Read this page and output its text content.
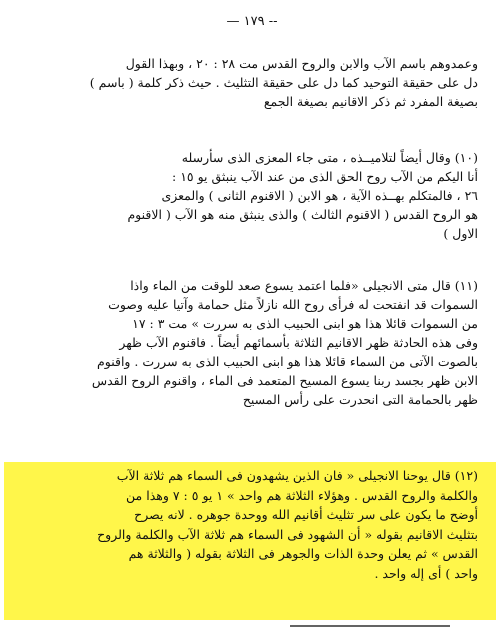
— ١٧٩ --

وعمدوهم باسم الآب والابن والروح القدس مت ٢٨ : ٢٠ ، وبهذا القول

دل على حقيقة التوحيد كما دل على حقيقة التثليث . حيث ذكر كلمة ( باسم )

بصيغة المفرد ثم ذكر الاقانيم بصيغة الجمع

(١٠) وقال أيضاً لتلاميــذه ، متى جاء المعزى الذى سأرسله

أنا اليكم من الآب روح الحق الذى من عند الآب ينبثق يو ١٥ :

٢٦ ، فالمتكلم بهــذه الآية ، هو الابن ( الاقنوم الثانى ) والمعزى

هو الروح القدس ( الاقنوم الثالث ) والذى ينبثق منه هو الآب ( الاقنوم

الاول )

(١١) قال متى الانجيلى «فلما اعتمد يسوع صعد للوقت من الماء واذا

السموات قد انفتحت له فرأى روح الله نازلاً مثل حمامة وآتيا عليه وصوت

من السموات قائلا هذا هو ابنى الحبيب الذى به سررت » مت ٣ : ١٧

وفى هذه الحادثة ظهر الاقانيم الثلاثة بأسمائهم أيضاً . فاقنوم الآب ظهر

بالصوت الآتى من السماء قائلا هذا هو ابنى الحبيب الذى به سررت . واقنوم

الابن ظهر بجسد ربنا يسوع المسيح المتعمد فى الماء ، واقنوم الروح القدس

ظهر بالحمامة التى انحدرت على رأس المسيح

(١٢) قال يوحنا الانجيلى « فان الذين يشهدون فى السماء هم ثلاثة الآب

والكلمة والروح القدس . وهؤلاء الثلاثة هم واحد » ١ يو ٥ : ٧ وهذا من

أوضح ما يكون على سر تثليث أقانيم الله ووحدة جوهره . لانه يصرح

بتثليث الاقانيم بقوله « أن الشهود فى السماء هم ثلاثة الآب والكلمة والروح

القدس » ثم يعلن وحدة الذات والجوهر فى الثلاثة بقوله ( والثلاثة هم

واحد ) أى إله واحد .
